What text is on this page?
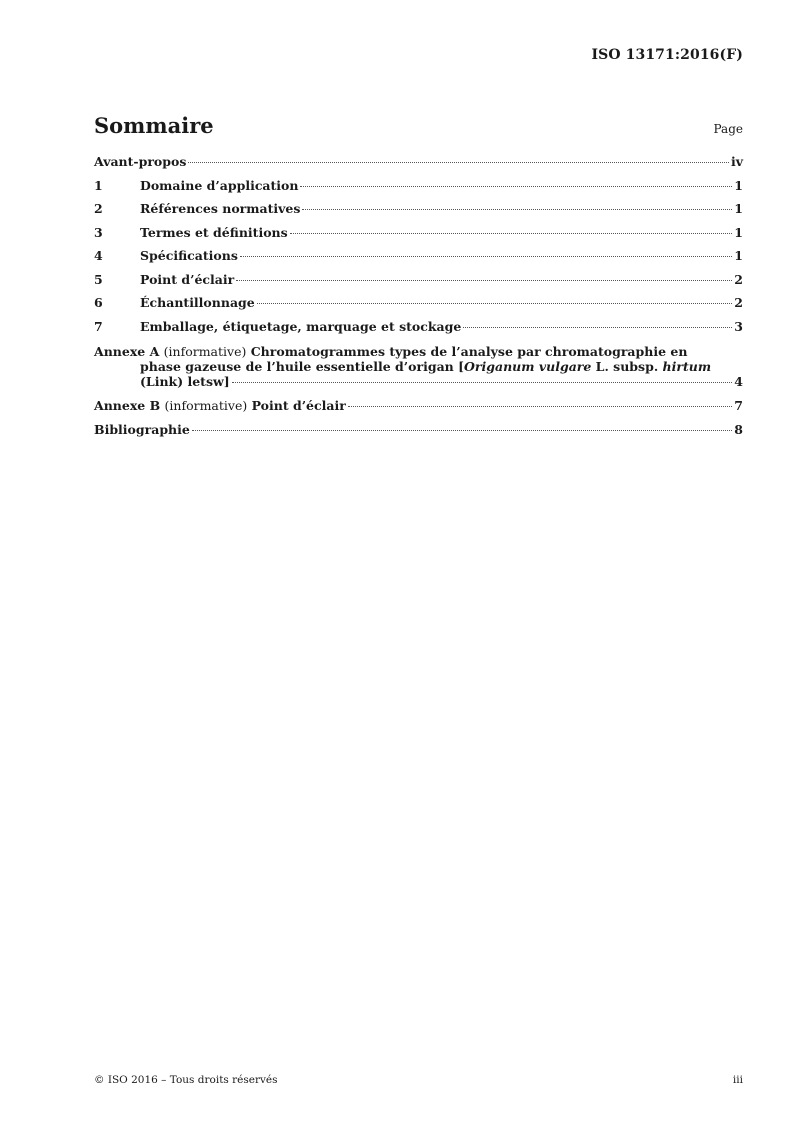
ISO 13171:2016(F)
Sommaire	Page
Avant-propos	iv
1	Domaine d’application	1
2	Références normatives	1
3	Termes et définitions	1
4	Spécifications	1
5	Point d’éclair	2
6	Échantillonnage	2
7	Emballage, étiquetage, marquage et stockage	3
Annexe A (informative) Chromatogrammes types de l’analyse par chromatographie en
phase gazeuse de l’huile essentielle d’origan [Origanum vulgare L. subsp. hirtum
(Link) letsw]	4
Annexe B (informative) Point d’éclair	7
Bibliographie	8
© ISO 2016 – Tous droits réservés	iii
